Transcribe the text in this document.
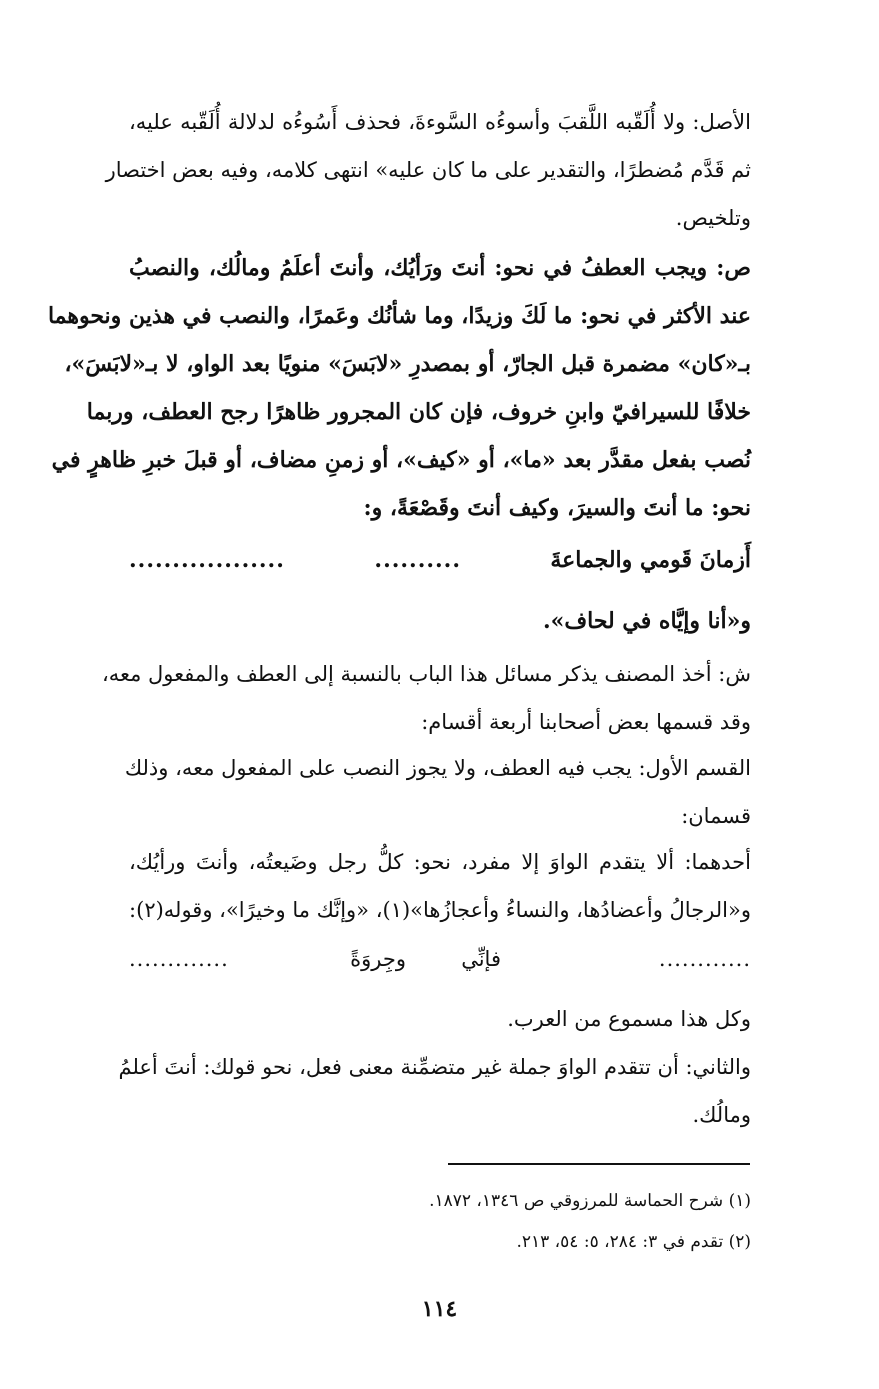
الأصل: ولا أُلَقّبه اللَّقبَ وأسوءُه السَّوءةَ، فحذف أَسُوءُه لدلالة أُلَقّبه عليه،
ثم قَدَّم مُضطرًا، والتقدير على ما كان عليه» انتهى كلامه، وفيه بعض اختصار
وتلخيص.
ص: ويجب العطفُ في نحو: أنتَ ورَأيُك، وأنتَ أعلَمُ ومالُك، والنصبُ
عند الأكثر في نحو: ما لَكَ وزيدًا، وما شأنُك وعَمرًا، والنصب في هذين ونحوهما
بـ«كان» مضمرة قبل الجارّ، أو بمصدرِ «لابَسَ» منويًا بعد الواو، لا بـ«لابَسَ»،
خلافًا للسيرافيّ وابنِ خروف، فإن كان المجرور ظاهرًا رجح العطف، وربما
نُصب بفعل مقدَّر بعد «ما»، أو «كيف»، أو زمنِ مضاف، أو قبلَ خبرِ ظاهرٍ في
نحو: ما أنتَ والسيرَ، وكيف أنتَ وقَصْعَةً، و:
أَزمانَ قَومي والجماعةَ
..........
..................
و«أنا وإيَّاه في لحاف».
ش: أخذ المصنف يذكر مسائل هذا الباب بالنسبة إلى العطف والمفعول معه،
وقد قسمها بعض أصحابنا أربعة أقسام:
القسم الأول: يجب فيه العطف، ولا يجوز النصب على المفعول معه، وذلك
قسمان:
أحدهما: ألا يتقدم الواوَ إلا مفرد، نحو: كلُّ رجل وضَيعتُه، وأنتَ ورأيُك،
و«الرجالُ وأعضادُها، والنساءُ وأعجازُها»(١)، «وإنَّك ما وخيرًا»، وقوله(٢):
............
فإنِّي
وجِروَةً
.............
وكل هذا مسموع من العرب.
والثاني: أن تتقدم الواوَ جملة غير متضمِّنة معنى فعل، نحو قولك: أنتَ أعلمُ
ومالُك.
(١) شرح الحماسة للمرزوقي ص ١٣٤٦، ١٨٧٢.
(٢) تقدم في ٣: ٢٨٤، ٥: ٥٤، ٢١٣.
١١٤
